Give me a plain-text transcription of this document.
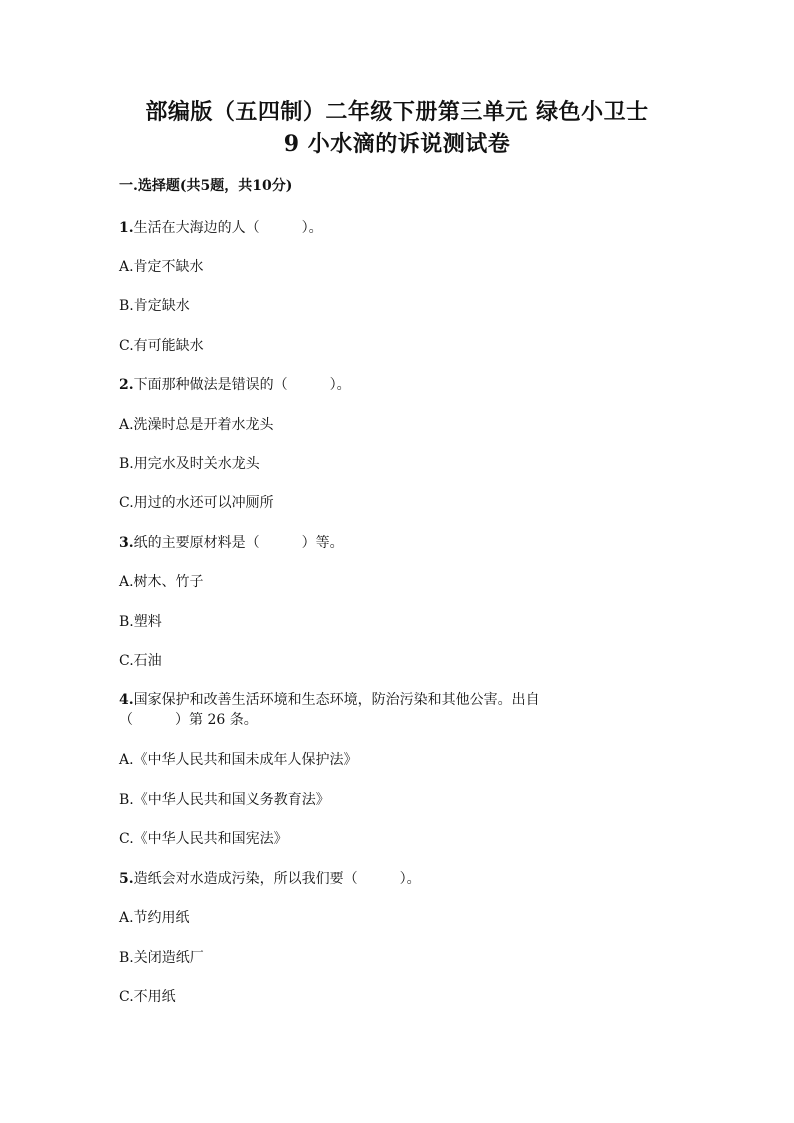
部编版（五四制）二年级下册第三单元 绿色小卫士
9 小水滴的诉说测试卷
一.选择题(共5题，共10分)
1.生活在大海边的人（　　　）。
A.肯定不缺水
B.肯定缺水
C.有可能缺水
2.下面那种做法是错误的（　　　）。
A.洗澡时总是开着水龙头
B.用完水及时关水龙头
C.用过的水还可以冲厕所
3.纸的主要原材料是（　　　）等。
A.树木、竹子
B.塑料
C.石油
4.国家保护和改善生活环境和生态环境，防治污染和其他公害。出自
（　　　）第 26 条。
A.《中华人民共和国未成年人保护法》
B.《中华人民共和国义务教育法》
C.《中华人民共和国宪法》
5.造纸会对水造成污染，所以我们要（　　　）。
A.节约用纸
B.关闭造纸厂
C.不用纸
